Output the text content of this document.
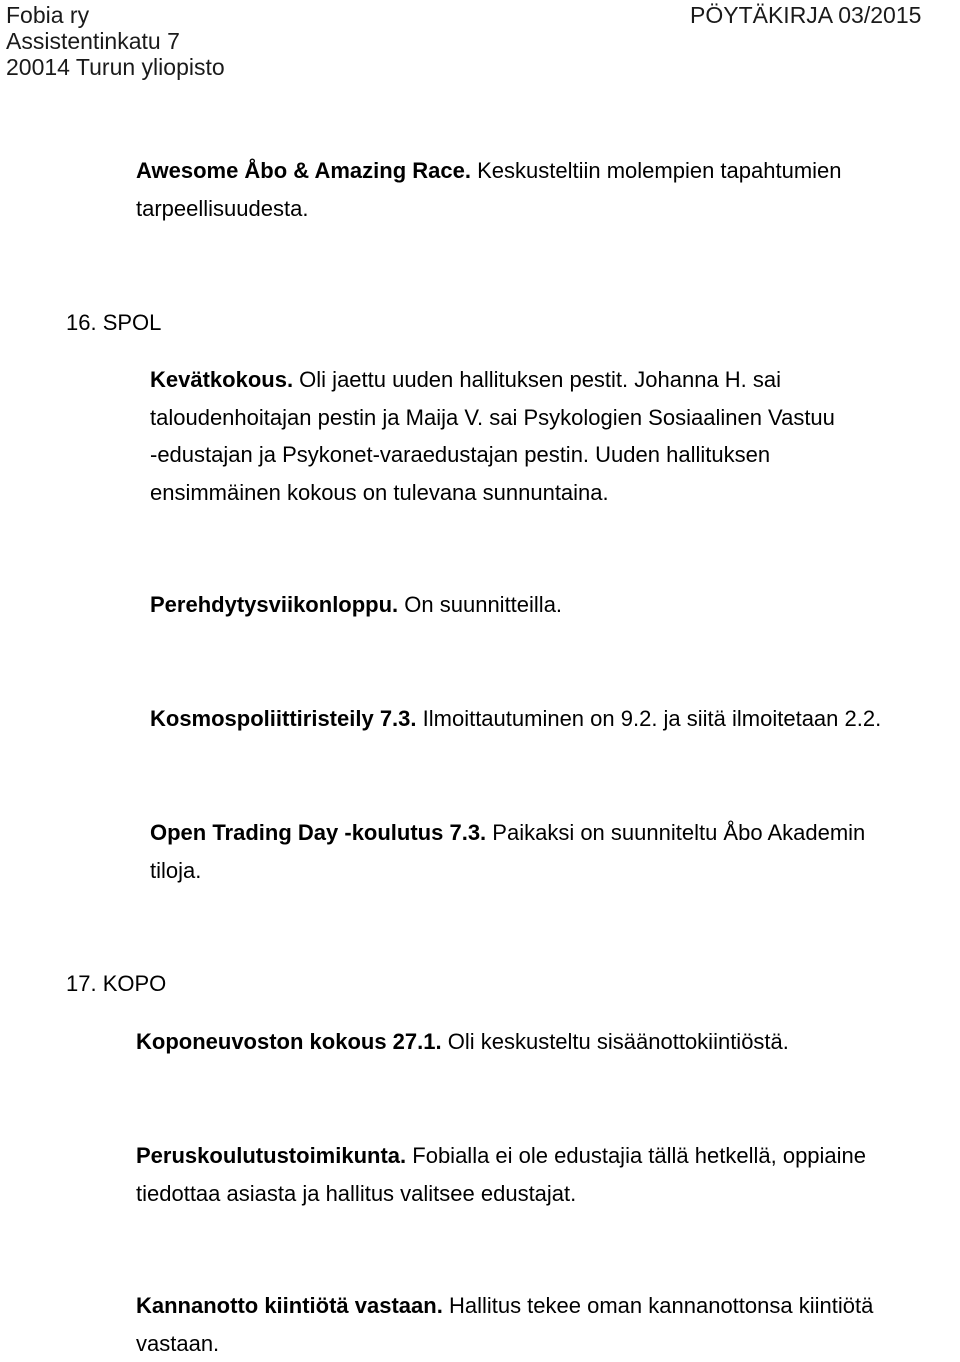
Fobia ry
Assistentinkatu 7
20014 Turun yliopisto
PÖYTÄKIRJA 03/2015
Awesome Åbo & Amazing Race. Keskusteltiin molempien tapahtumien
tarpeellisuudesta.
16. SPOL
Kevätkokous. Oli jaettu uuden hallituksen pestit. Johanna H. sai
taloudenhoitajan pestin ja Maija V. sai Psykologien Sosiaalinen Vastuu
-edustajan ja Psykonet-varaedustajan pestin. Uuden hallituksen
ensimmäinen kokous on tulevana sunnuntaina.
Perehdytysviikonloppu. On suunnitteilla.
Kosmospoliittiristeily 7.3. Ilmoittautuminen on 9.2. ja siitä ilmoitetaan 2.2.
Open Trading Day -koulutus 7.3. Paikaksi on suunniteltu Åbo Akademin
tiloja.
17. KOPO
Koponeuvoston kokous 27.1. Oli keskusteltu sisäänottokiintiöstä.
Peruskoulutustoimikunta. Fobialla ei ole edustajia tällä hetkellä, oppiaine
tiedottaa asiasta ja hallitus valitsee edustajat.
Kannanotto kiintiötä vastaan. Hallitus tekee oman kannanottonsa kiintiötä
vastaan.
